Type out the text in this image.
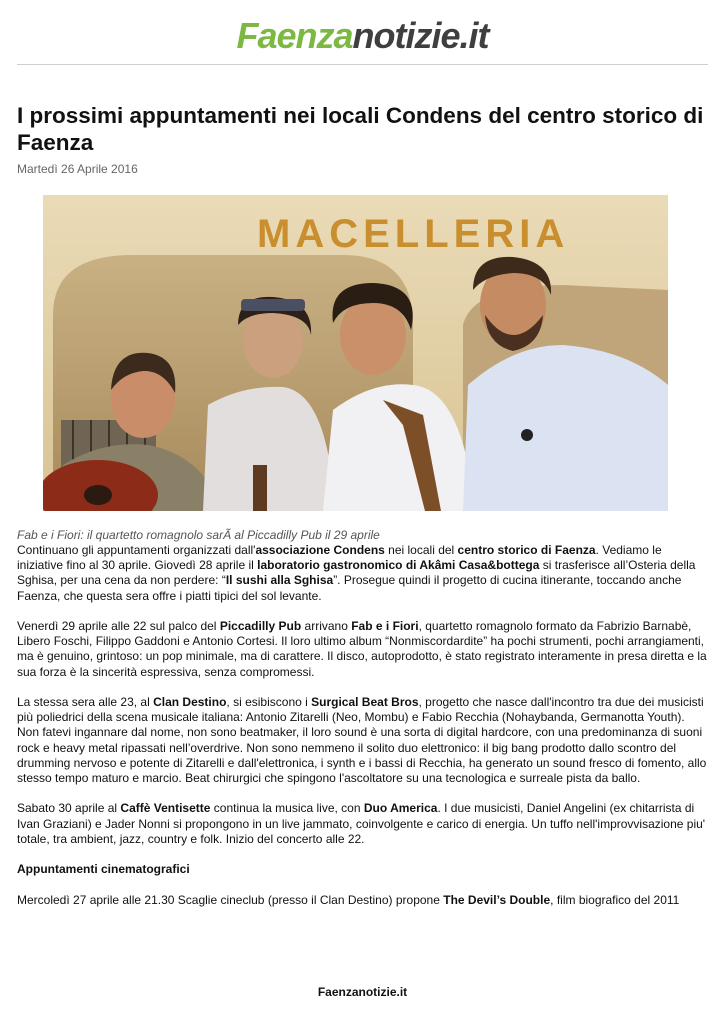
Faenzanotizie.it
I prossimi appuntamenti nei locali Condens del centro storico di Faenza
Martedì 26 Aprile 2016
MACELLERIA
Fab e i Fiori: il quartetto romagnolo sarÃ al Piccadilly Pub il 29 aprile

Continuano gli appuntamenti organizzati dall'associazione Condens nei locali del centro storico di Faenza. Vediamo le iniziative fino al 30 aprile. Giovedì 28 aprile il laboratorio gastronomico di Akâmi Casa&bottega si trasferisce all’Osteria della Sghisa, per una cena da non perdere: “Il sushi alla Sghisa”. Prosegue quindi il progetto di cucina itinerante, toccando anche Faenza, che questa sera offre i piatti tipici del sol levante.

Venerdì 29 aprile alle 22 sul palco del Piccadilly Pub arrivano Fab e i Fiori, quartetto romagnolo formato da Fabrizio Barnabè, Libero Foschi, Filippo Gaddoni e Antonio Cortesi. Il loro ultimo album “Nonmiscordardite” ha pochi strumenti, pochi arrangiamenti, ma è genuino, grintoso: un pop minimale, ma di carattere. Il disco, autoprodotto, è stato registrato interamente in presa diretta e la sua forza è la sincerità espressiva, senza compromessi.

La stessa sera alle 23, al Clan Destino, si esibiscono i Surgical Beat Bros, progetto che nasce dall'incontro tra due dei musicisti più poliedrici della scena musicale italiana: Antonio Zitarelli (Neo, Mombu) e Fabio Recchia (Nohaybanda, Germanotta Youth). Non fatevi ingannare dal nome, non sono beatmaker, il loro sound è una sorta di digital hardcore, con una predominanza di suoni rock e heavy metal ripassati nell’overdrive. Non sono nemmeno il solito duo elettronico: il big bang prodotto dallo scontro del drumming nervoso e potente di Zitarelli e dall'elettronica, i synth e i bassi di Recchia, ha generato un sound fresco di fomento, allo stesso tempo maturo e marcio. Beat chirurgici che spingono l'ascoltatore su una tecnologica e surreale pista da ballo.

Sabato 30 aprile al Caffè Ventisette continua la musica live, con Duo America. I due musicisti, Daniel Angelini (ex chitarrista di Ivan Graziani) e Jader Nonni si propongono in un live jammato, coinvolgente e carico di energia. Un tuffo nell'improvvisazione piu' totale, tra ambient, jazz, country e folk. Inizio del concerto alle 22.

Appuntamenti cinematografici

Mercoledì 27 aprile alle 21.30 Scaglie cineclub (presso il Clan Destino) propone The Devil’s Double, film biografico del 2011

Faenzanotizie.it
